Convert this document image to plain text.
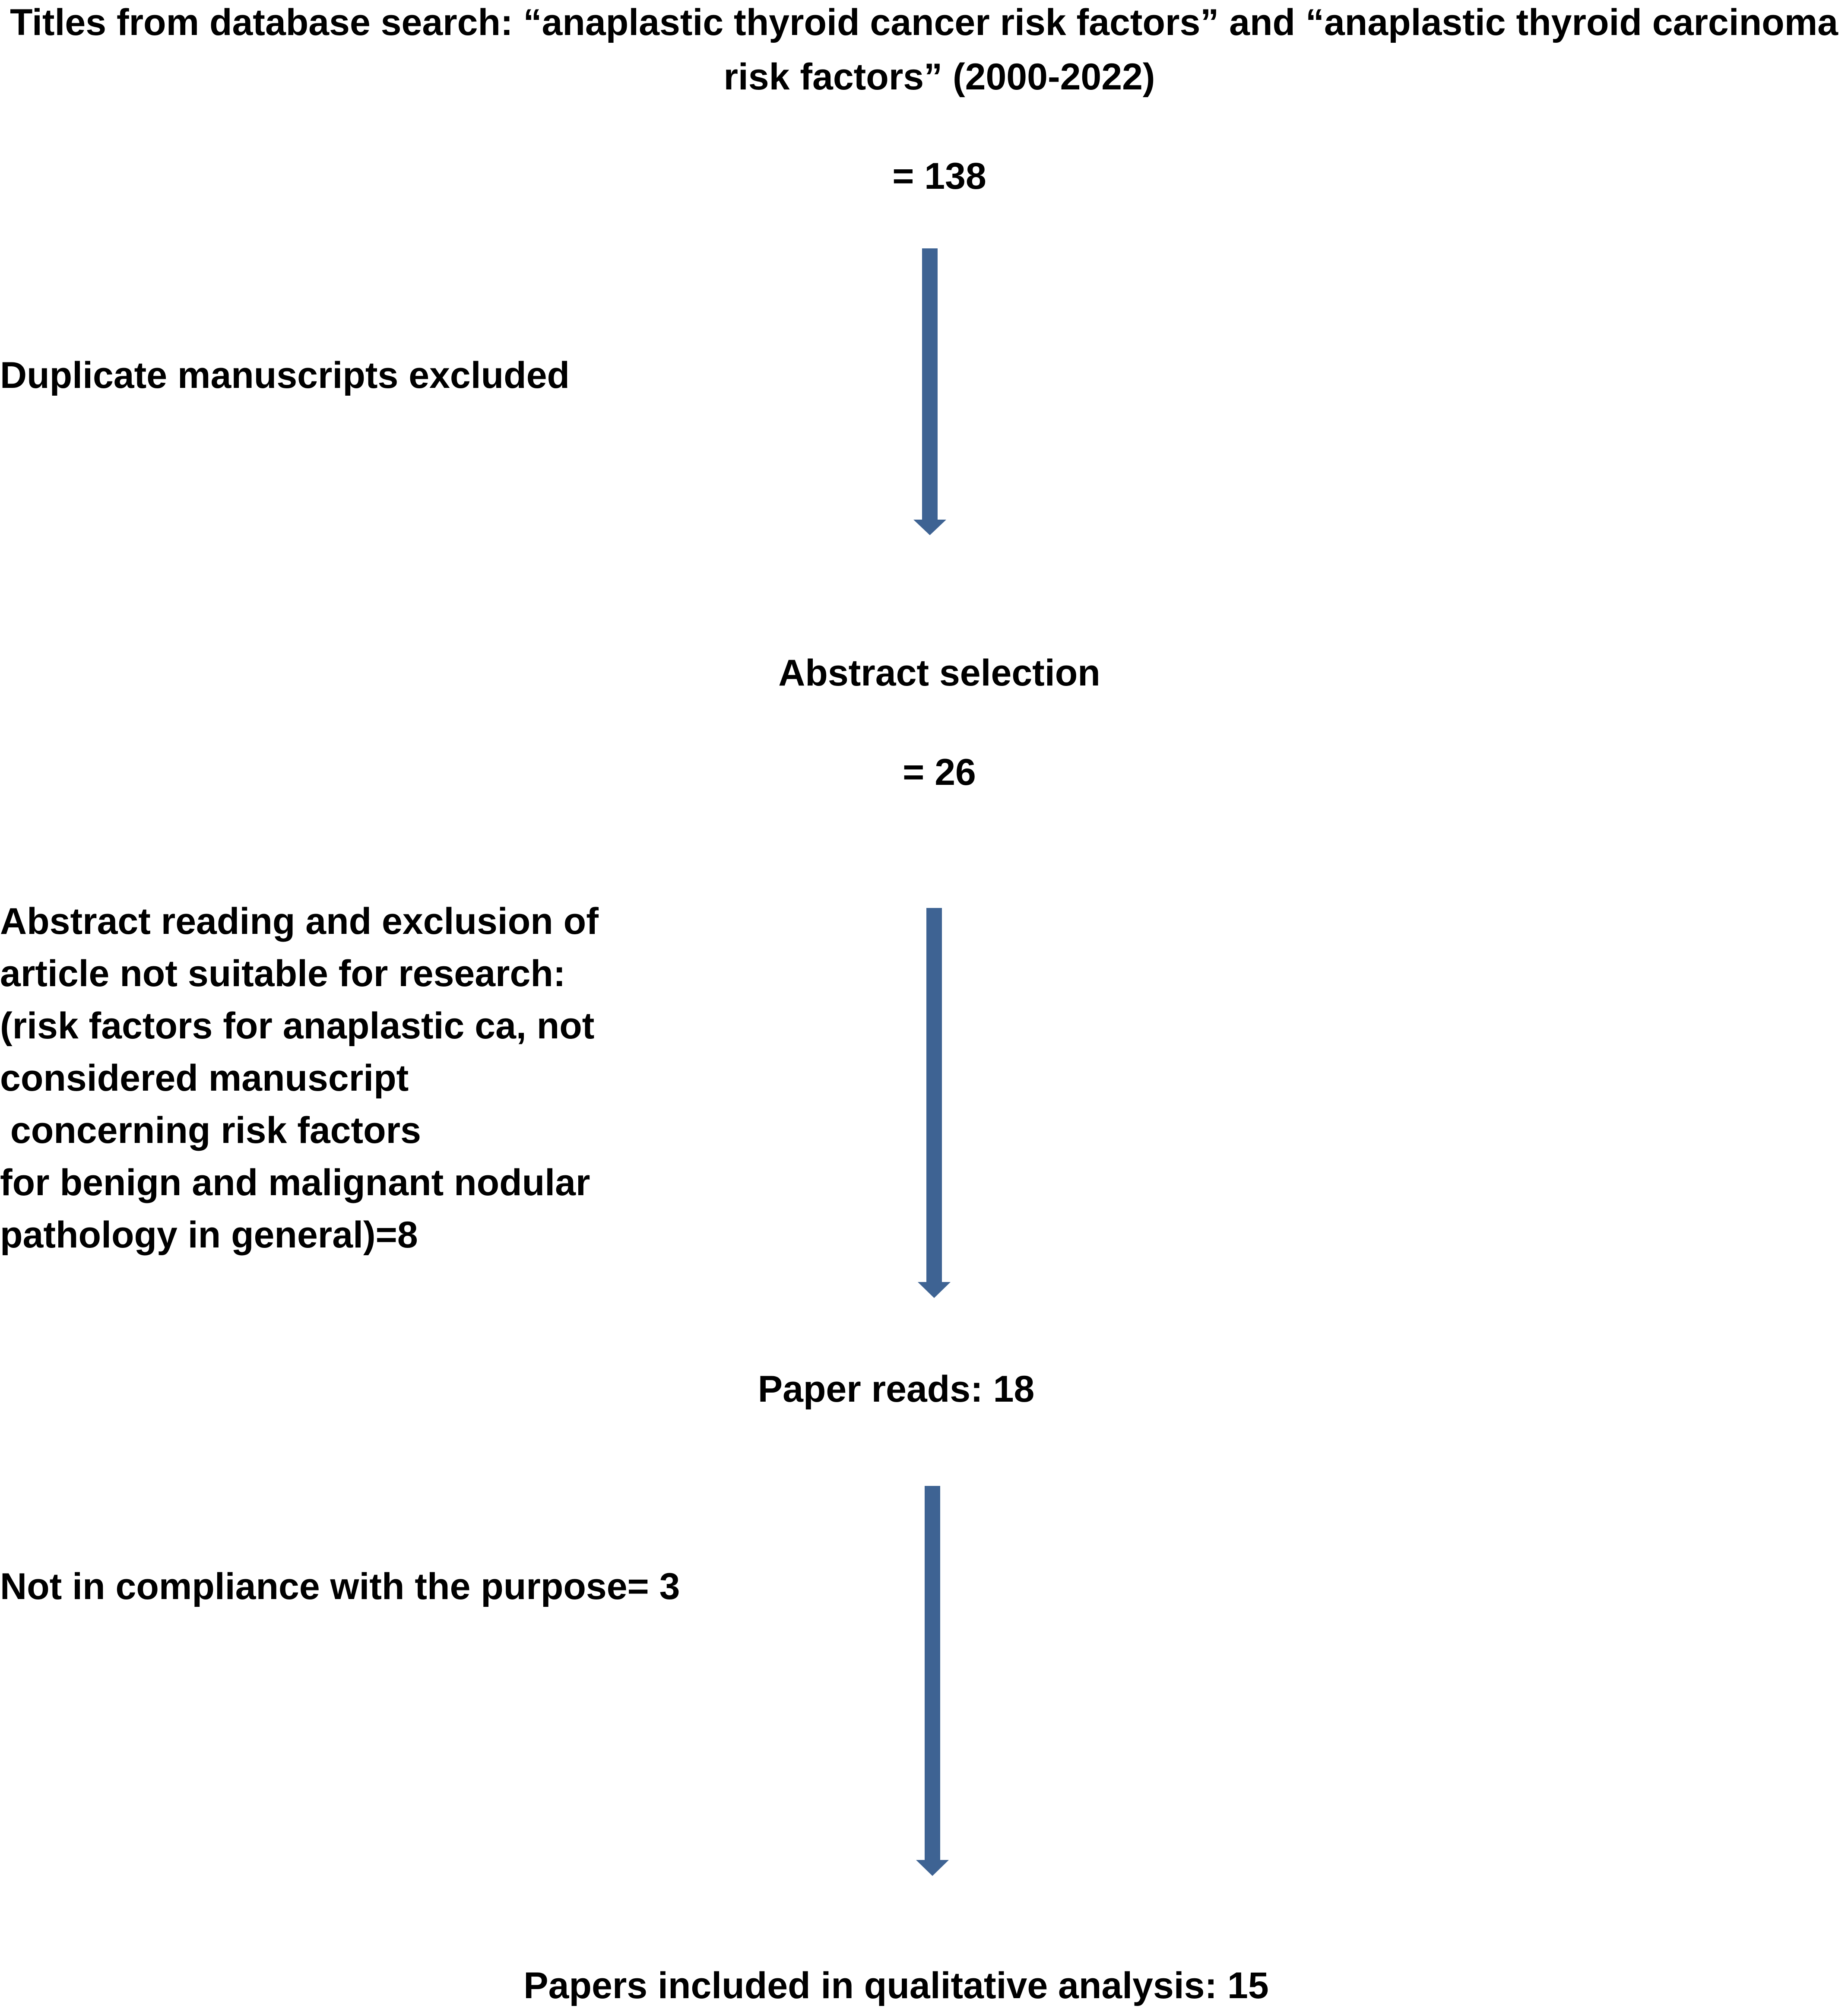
Titles from database search: “anaplastic thyroid cancer risk factors” and “anaplastic thyroid carcinoma
risk factors” (2000-2022)
= 138
Duplicate manuscripts excluded
Abstract selection
= 26
Abstract reading and exclusion of
article not suitable for research:
(risk factors for anaplastic ca, not
considered manuscript
concerning risk factors
for benign and malignant nodular
pathology in general)=8
Paper reads: 18
Not in compliance with the purpose= 3
Papers included in qualitative analysis: 15
